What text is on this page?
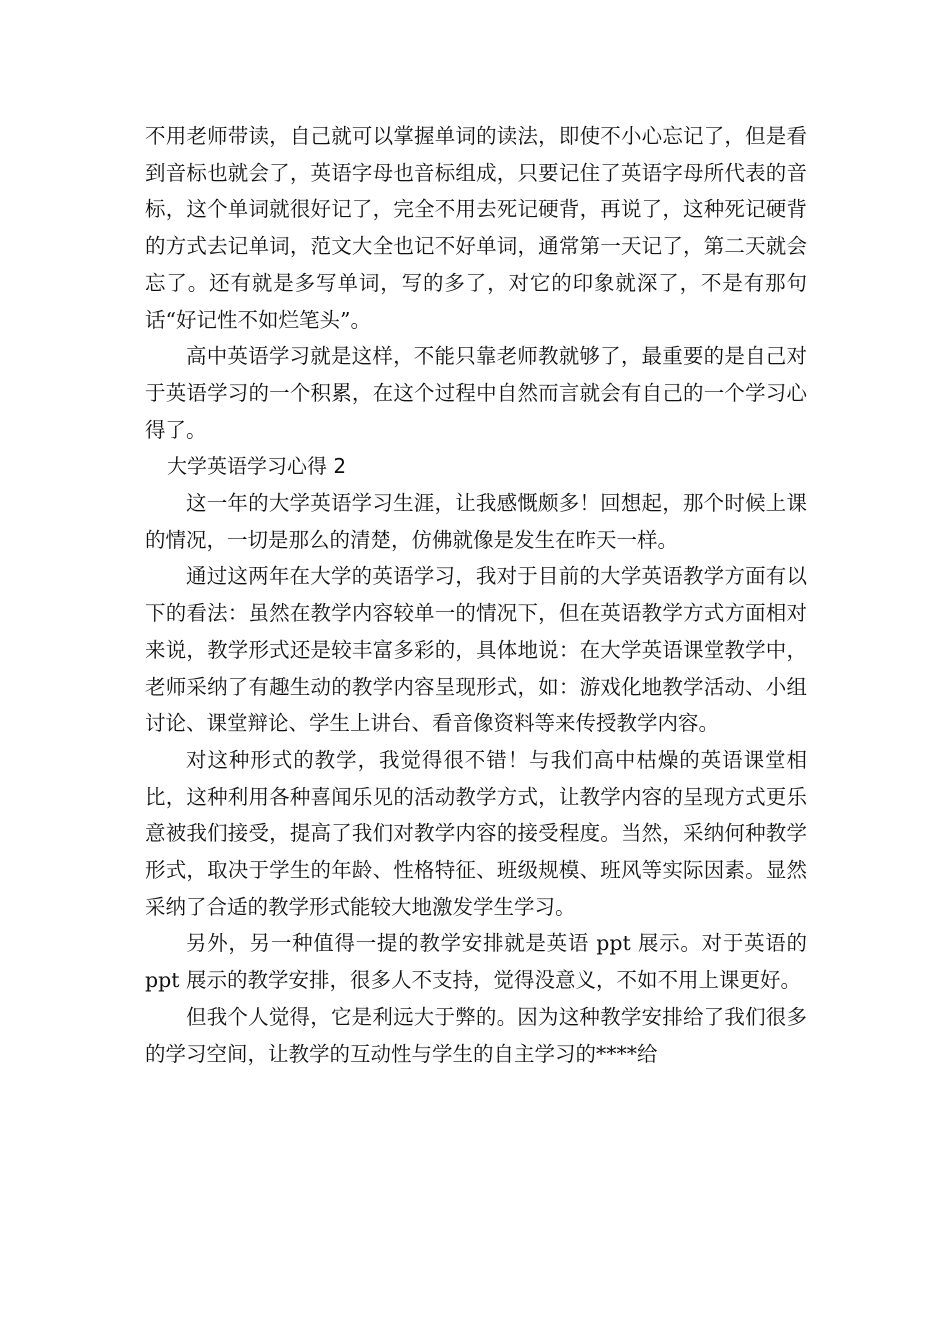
不用老师带读，自己就可以掌握单词的读法，即使不小心忘记了，但是看到音标也就会了，英语字母也音标组成，只要记住了英语字母所代表的音标，这个单词就很好记了，完全不用去死记硬背，再说了，这种死记硬背的方式去记单词，范文大全也记不好单词，通常第一天记了，第二天就会忘了。还有就是多写单词，写的多了，对它的印象就深了，不是有那句话“好记性不如烂笔头”。

高中英语学习就是这样，不能只靠老师教就够了，最重要的是自己对于英语学习的一个积累，在这个过程中自然而言就会有自己的一个学习心得了。

大学英语学习心得 2

这一年的大学英语学习生涯，让我感慨颇多！回想起，那个时候上课的情况，一切是那么的清楚，仿佛就像是发生在昨天一样。

通过这两年在大学的英语学习，我对于目前的大学英语教学方面有以下的看法：虽然在教学内容较单一的情况下，但在英语教学方式方面相对来说，教学形式还是较丰富多彩的，具体地说：在大学英语课堂教学中，老师采纳了有趣生动的教学内容呈现形式，如：游戏化地教学活动、小组讨论、课堂辩论、学生上讲台、看音像资料等来传授教学内容。

对这种形式的教学，我觉得很不错！与我们高中枯燥的英语课堂相比，这种利用各种喜闻乐见的活动教学方式，让教学内容的呈现方式更乐意被我们接受，提高了我们对教学内容的接受程度。当然，采纳何种教学形式，取决于学生的年龄、性格特征、班级规模、班风等实际因素。显然采纳了合适的教学形式能较大地激发学生学习。

另外，另一种值得一提的教学安排就是英语 ppt 展示。对于英语的 ppt 展示的教学安排，很多人不支持，觉得没意义，不如不用上课更好。

但我个人觉得，它是利远大于弊的。因为这种教学安排给了我们很多的学习空间，让教学的互动性与学生的自主学习的****给
